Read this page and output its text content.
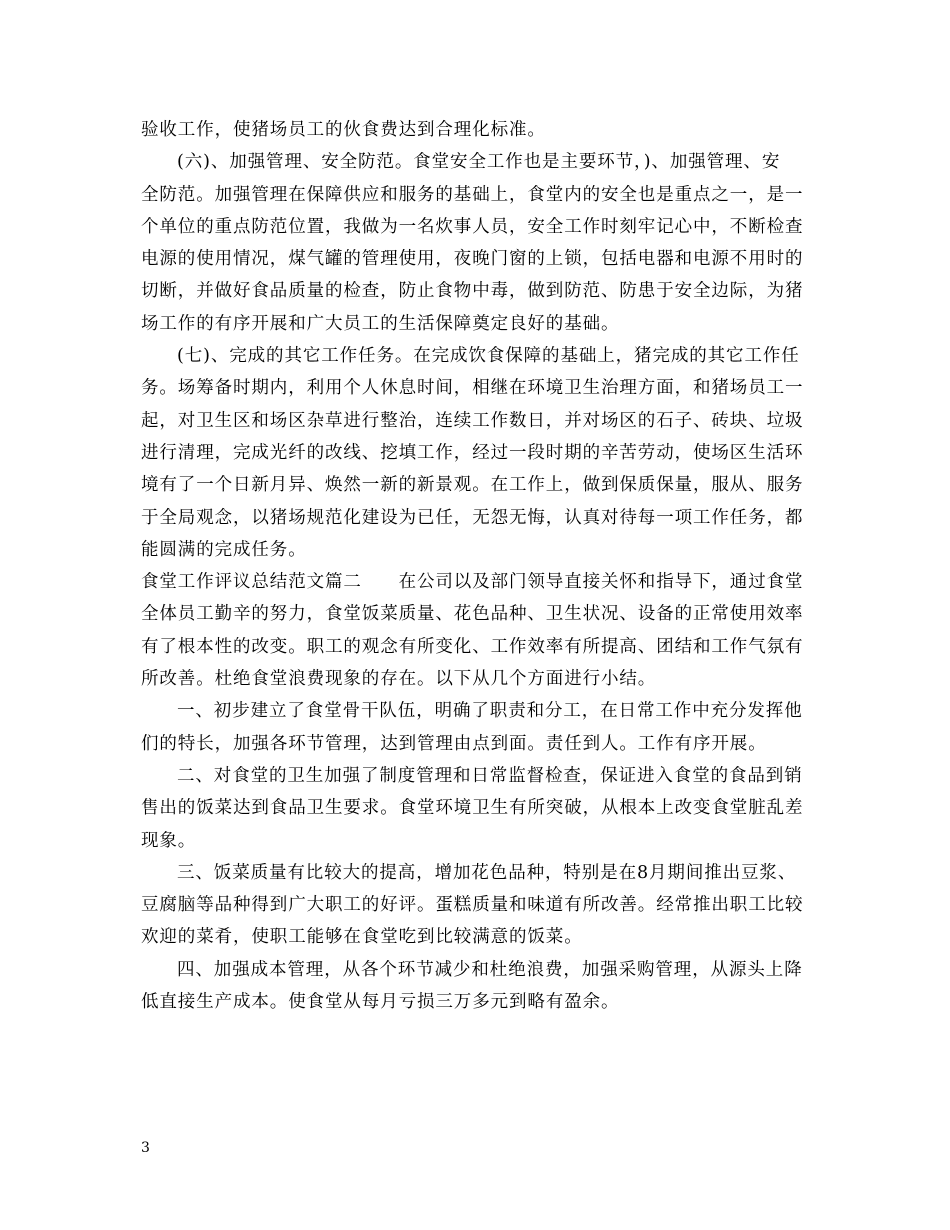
验收工作，使猪场员工的伙食费达到合理化标准。
(六)、加强管理、安全防范。食堂安全工作也是主要环节，)、加强管理、安
全防范。加强管理在保障供应和服务的基础上，食堂内的安全也是重点之一，是一
个单位的重点防范位置，我做为一名炊事人员，安全工作时刻牢记心中，不断检查
电源的使用情况，煤气罐的管理使用，夜晚门窗的上锁，包括电器和电源不用时的
切断，并做好食品质量的检查，防止食物中毒，做到防范、防患于安全边际，为猪
场工作的有序开展和广大员工的生活保障奠定良好的基础。
(七)、完成的其它工作任务。在完成饮食保障的基础上，猪完成的其它工作任
务。场筹备时期内，利用个人休息时间，相继在环境卫生治理方面，和猪场员工一
起，对卫生区和场区杂草进行整治，连续工作数日，并对场区的石子、砖块、垃圾
进行清理，完成光纤的改线、挖填工作，经过一段时期的辛苦劳动，使场区生活环
境有了一个日新月异、焕然一新的新景观。在工作上，做到保质保量，服从、服务
于全局观念，以猪场规范化建设为已任，无怨无悔，认真对待每一项工作任务，都
能圆满的完成任务。
食堂工作评议总结范文篇二　　在公司以及部门领导直接关怀和指导下，通过食堂
全体员工勤辛的努力，食堂饭菜质量、花色品种、卫生状况、设备的正常使用效率
有了根本性的改变。职工的观念有所变化、工作效率有所提高、团结和工作气氛有
所改善。杜绝食堂浪费现象的存在。以下从几个方面进行小结。
一、初步建立了食堂骨干队伍，明确了职责和分工，在日常工作中充分发挥他
们的特长，加强各环节管理，达到管理由点到面。责任到人。工作有序开展。
二、对食堂的卫生加强了制度管理和日常监督检查，保证进入食堂的食品到销
售出的饭菜达到食品卫生要求。食堂环境卫生有所突破，从根本上改变食堂脏乱差
现象。
三、饭菜质量有比较大的提高，增加花色品种，特别是在8月期间推出豆浆、
豆腐脑等品种得到广大职工的好评。蛋糕质量和味道有所改善。经常推出职工比较
欢迎的菜肴，使职工能够在食堂吃到比较满意的饭菜。
四、加强成本管理，从各个环节减少和杜绝浪费，加强采购管理，从源头上降
低直接生产成本。使食堂从每月亏损三万多元到略有盈余。
3
